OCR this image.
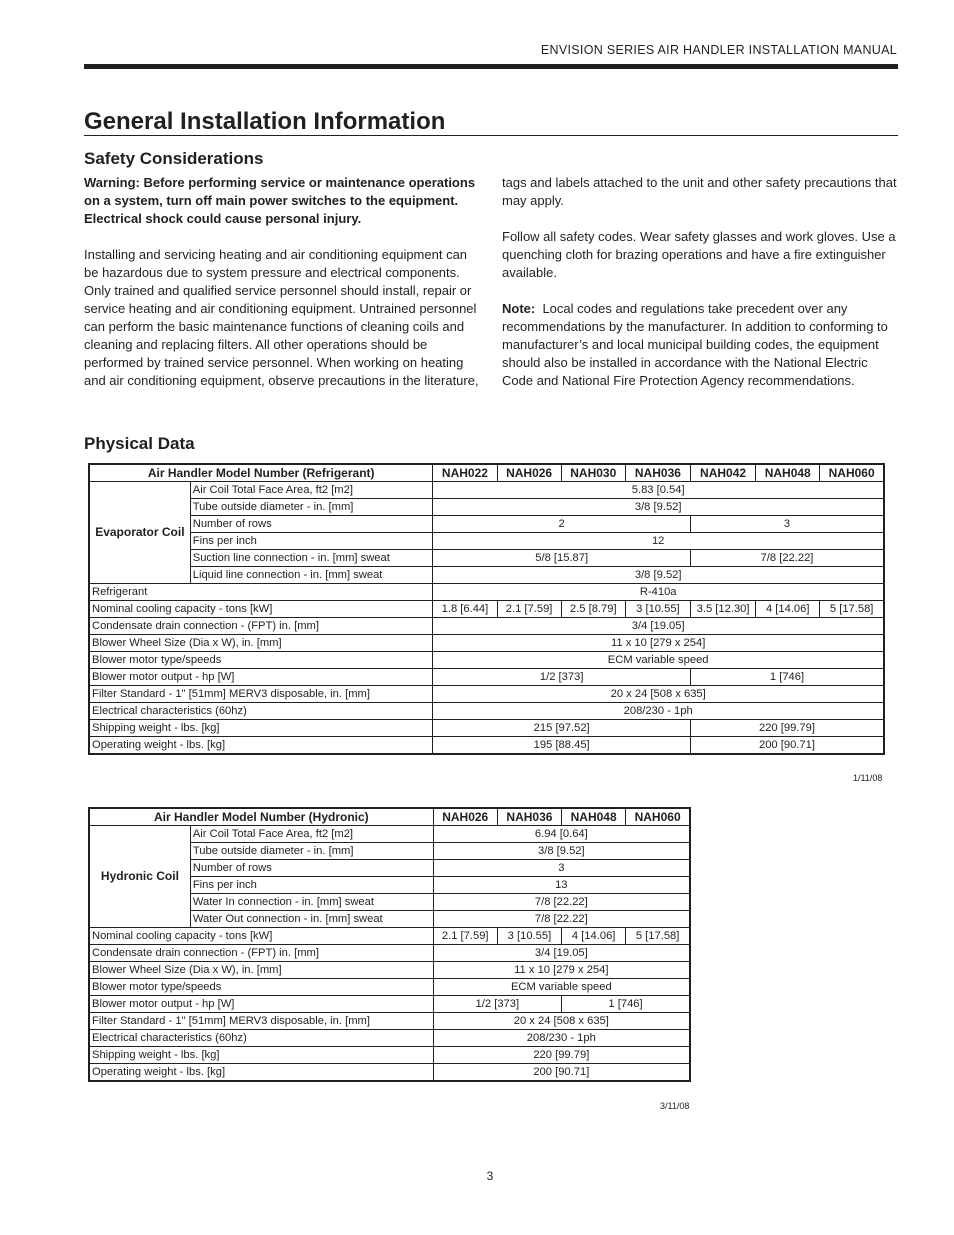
ENVISION SERIES AIR HANDLER INSTALLATION MANUAL
General Installation Information
Safety Considerations

Warning: Before performing service or maintenance operations on a system, turn off main power switches to the equipment. Electrical shock could cause personal injury.

Installing and servicing heating and air conditioning equipment can be hazardous due to system pressure and electrical components. Only trained and qualified service personnel should install, repair or service heating and air conditioning equipment. Untrained personnel can perform the basic maintenance functions of cleaning coils and cleaning and replacing filters. All other operations should be performed by trained service personnel. When working on heating and air conditioning equipment, observe precautions in the literature, tags and labels attached to the unit and other safety precautions that may apply.

Follow all safety codes. Wear safety glasses and work gloves. Use a quenching cloth for brazing operations and have a fire extinguisher available.

Note: Local codes and regulations take precedent over any recommendations by the manufacturer. In addition to conforming to manufacturer’s and local municipal building codes, the equipment should also be installed in accordance with the National Electric Code and National Fire Protection Agency recommendations.

Physical Data
Air Handler Model Number (Refrigerant)		NAH022	NAH026	NAH030	NAH036	NAH042	NAH048	NAH060
Evaporator Coil	Air Coil Total Face Area, ft2 [m2]	5.83 [0.54]						
	Tube outside diameter - in. [mm]	3/8 [9.52]						
	Number of rows	2				3		
	Fins per inch	12						
	Suction line connection - in. [mm] sweat	5/8 [15.87]				7/8 [22.22]		
	Liquid line connection - in. [mm] sweat	3/8 [9.52]						
Refrigerant		R-410a						
Nominal cooling capacity - tons [kW]		1.8 [6.44]	2.1 [7.59]	2.5 [8.79]	3 [10.55]	3.5 [12.30]	4 [14.06]	5 [17.58]
Condensate drain connection - (FPT) in. [mm]		3/4 [19.05]						
Blower Wheel Size (Dia x W), in. [mm]		11 x 10 [279 x 254]						
Blower motor type/speeds		ECM variable speed						
Blower motor output - hp [W]		1/2 [373]				1 [746]		
Filter Standard - 1" [51mm] MERV3 disposable, in. [mm]		20 x 24 [508 x 635]						
Electrical characteristics (60hz)		208/230 - 1ph						
Shipping weight - lbs. [kg]		215 [97.52]				220 [99.79]		
Operating weight - lbs. [kg]		195 [88.45]				200 [90.71]		
1/11/08
Air Handler Model Number (Hydronic)		NAH026	NAH036	NAH048	NAH060
Hydronic Coil	Air Coil Total Face Area, ft2 [m2]	6.94 [0.64]			
	Tube outside diameter - in. [mm]	3/8 [9.52]			
	Number of rows	3			
	Fins per inch	13			
	Water In connection - in. [mm] sweat	7/8 [22.22]			
	Water Out connection - in. [mm] sweat	7/8 [22.22]			
Nominal cooling capacity - tons [kW]		2.1 [7.59]	3 [10.55]	4 [14.06]	5 [17.58]
Condensate drain connection - (FPT) in. [mm]		3/4 [19.05]			
Blower Wheel Size (Dia x W), in. [mm]		11 x 10 [279 x 254]			
Blower motor type/speeds		ECM variable speed			
Blower motor output - hp [W]		1/2 [373]		1 [746]	
Filter Standard - 1" [51mm] MERV3 disposable, in. [mm]		20 x 24 [508 x 635]			
Electrical characteristics (60hz)		208/230 - 1ph			
Shipping weight - lbs. [kg]		220 [99.79]			
Operating weight - lbs. [kg]		200 [90.71]			
3/11/08
3
